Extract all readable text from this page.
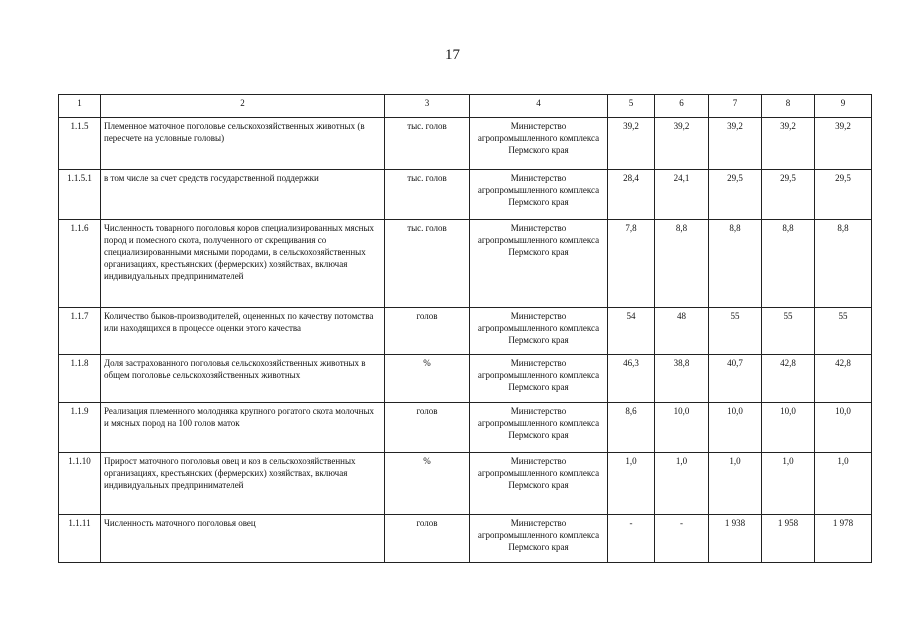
17
1	2	3	4	5	6	7	8	9
1.1.5	Племенное маточное поголовье сельскохозяйственных животных (в пересчете на условные головы)	тыс. голов	Министерство агропромышленного комплекса Пермского края	39,2	39,2	39,2	39,2	39,2
1.1.5.1	в том числе за счет средств государственной поддержки	тыс. голов	Министерство агропромышленного комплекса Пермского края	28,4	24,1	29,5	29,5	29,5
1.1.6	Численность товарного поголовья коров специализированных мясных пород и помесного скота, полученного от скрещивания со специализированными мясными породами, в сельскохозяйственных организациях, крестьянских (фермерских) хозяйствах, включая индивидуальных предпринимателей	тыс. голов	Министерство агропромышленного комплекса Пермского края	7,8	8,8	8,8	8,8	8,8
1.1.7	Количество быков-производителей, оцененных по качеству потомства или находящихся в процессе оценки этого качества	голов	Министерство агропромышленного комплекса Пермского края	54	48	55	55	55
1.1.8	Доля застрахованного поголовья сельскохозяйственных животных в общем поголовье сельскохозяйственных животных	%	Министерство агропромышленного комплекса Пермского края	46,3	38,8	40,7	42,8	42,8
1.1.9	Реализация племенного молодняка крупного рогатого скота молочных и мясных пород на 100 голов маток	голов	Министерство агропромышленного комплекса Пермского края	8,6	10,0	10,0	10,0	10,0
1.1.10	Прирост маточного поголовья овец и коз в сельскохозяйственных организациях, крестьянских (фермерских) хозяйствах, включая индивидуальных предпринимателей	%	Министерство агропромышленного комплекса Пермского края	1,0	1,0	1,0	1,0	1,0
1.1.11	Численность маточного поголовья овец	голов	Министерство агропромышленного комплекса Пермского края	-	-	1 938	1 958	1 978
